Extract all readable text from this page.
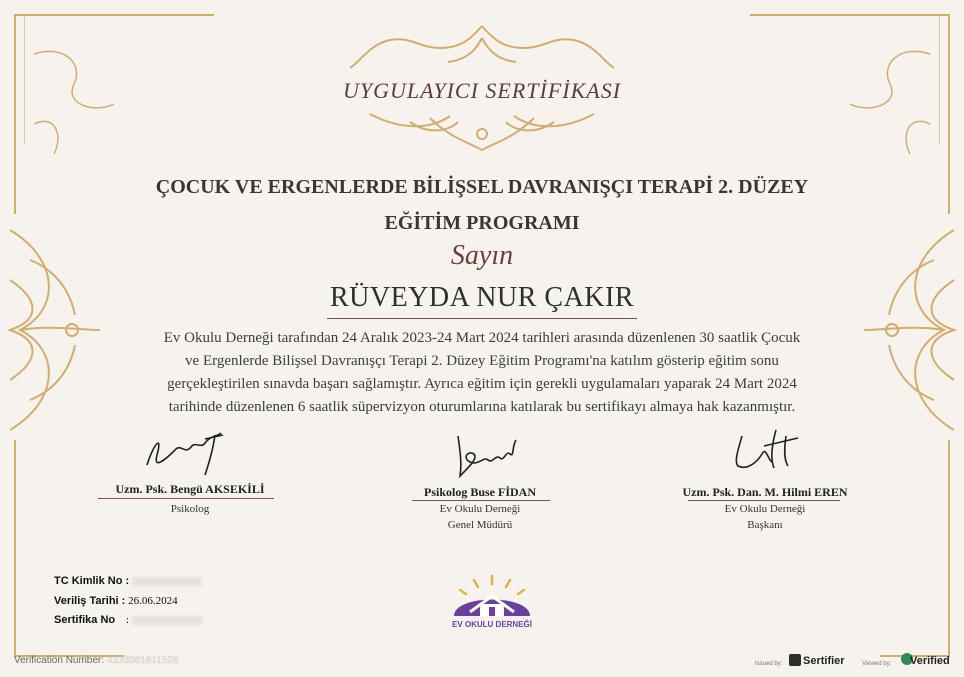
UYGULAYICI SERTİFİKASI
ÇOCUK VE ERGENLERDE BİLİŞSEL DAVRANIŞÇI TERAPİ 2. DÜZEY
EĞİTİM PROGRAMI
Sayın
RÜVEYDA NUR ÇAKIR
Ev Okulu Derneği tarafından 24 Aralık 2023-24 Mart 2024 tarihleri arasında düzenlenen 30 saatlik Çocuk
ve Ergenlerde Bilişsel Davranışçı Terapi 2. Düzey Eğitim Programı'na katılım gösterip eğitim sonu
gerçekleştirilen sınavda başarı sağlamıştır. Ayrıca eğitim için gerekli uygulamaları yaparak 24 Mart 2024
tarihinde düzenlenen 6 saatlik süpervizyon oturumlarına katılarak bu sertifikayı almaya hak kazanmıştır.
Uzm. Psk. Bengü AKSEKİLİ
Psikolog
Psikolog Buse FİDAN
Ev Okulu Derneği
Genel Müdürü
Uzm. Psk. Dan. M. Hilmi EREN
Ev Okulu Derneği
Başkanı
TC Kimlik No :
Veriliş Tarihi : 26.06.2024
Sertifika No :	EV OKULU DERNEĞİ
Verification Number: 4333581811528	Issued by: Sertifier	Viewed by: Verified
